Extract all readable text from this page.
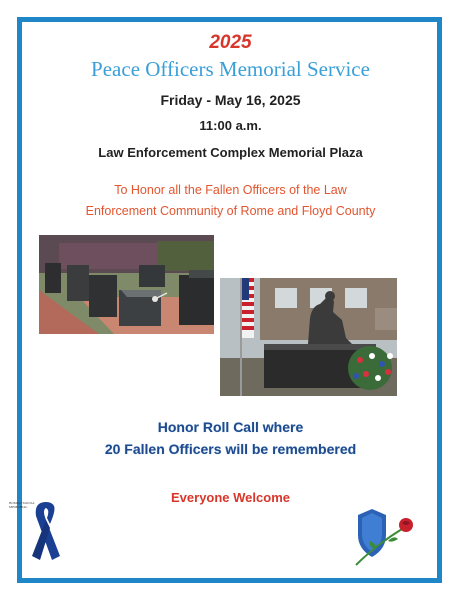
2025
Peace Officers Memorial Service
Friday - May 16, 2025
11:00 a.m.
Law Enforcement Complex Memorial Plaza
To Honor all the Fallen Officers of the Law
Enforcement Community of Rome and Floyd County
Honor Roll Call where
20 Fallen Officers will be remembered
Everyone Welcome
ROMAN SOCIAL MEMORIAL
